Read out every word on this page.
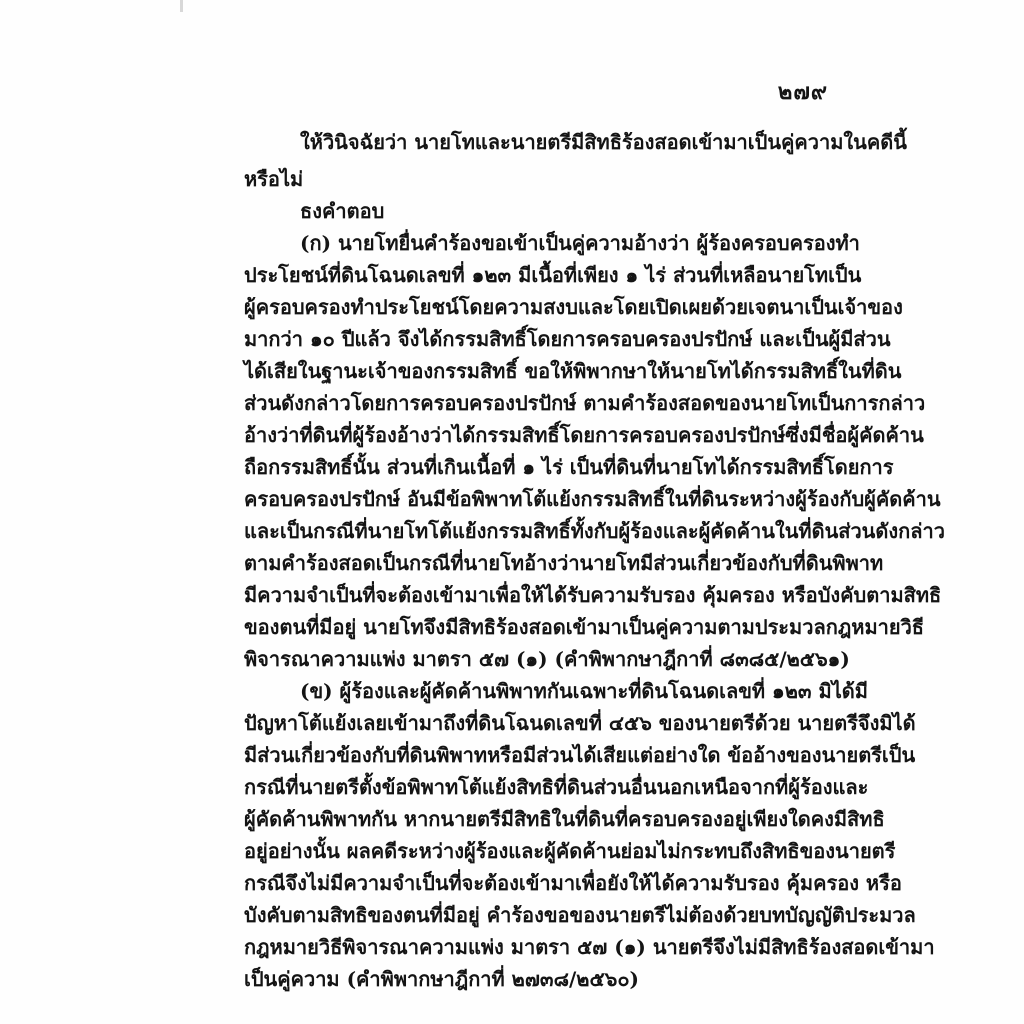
๒๗๙
ให้วินิจฉัยว่า นายโทและนายตรีมีสิทธิร้องสอดเข้ามาเป็นคู่ความในคดีนี้
หรือไม่
ธงคำตอบ
(ก) นายโทยื่นคำร้องขอเข้าเป็นคู่ความอ้างว่า ผู้ร้องครอบครองทำ
ประโยชน์ที่ดินโฉนดเลขที่ ๑๒๓ มีเนื้อที่เพียง ๑ ไร่ ส่วนที่เหลือนายโทเป็น
ผู้ครอบครองทำประโยชน์โดยความสงบและโดยเปิดเผยด้วยเจตนาเป็นเจ้าของ
มากว่า ๑๐ ปีแล้ว จึงได้กรรมสิทธิ์โดยการครอบครองปรปักษ์ และเป็นผู้มีส่วน
ได้เสียในฐานะเจ้าของกรรมสิทธิ์ ขอให้พิพากษาให้นายโทได้กรรมสิทธิ์ในที่ดิน
ส่วนดังกล่าวโดยการครอบครองปรปักษ์ ตามคำร้องสอดของนายโทเป็นการกล่าว
อ้างว่าที่ดินที่ผู้ร้องอ้างว่าได้กรรมสิทธิ์โดยการครอบครองปรปักษ์ซึ่งมีชื่อผู้คัดค้าน
ถือกรรมสิทธิ์นั้น ส่วนที่เกินเนื้อที่ ๑ ไร่ เป็นที่ดินที่นายโทได้กรรมสิทธิ์โดยการ
ครอบครองปรปักษ์ อันมีข้อพิพาทโต้แย้งกรรมสิทธิ์ในที่ดินระหว่างผู้ร้องกับผู้คัดค้าน
และเป็นกรณีที่นายโทโต้แย้งกรรมสิทธิ์ทั้งกับผู้ร้องและผู้คัดค้านในที่ดินส่วนดังกล่าว
ตามคำร้องสอดเป็นกรณีที่นายโทอ้างว่านายโทมีส่วนเกี่ยวข้องกับที่ดินพิพาท
มีความจำเป็นที่จะต้องเข้ามาเพื่อให้ได้รับความรับรอง คุ้มครอง หรือบังคับตามสิทธิ
ของตนที่มีอยู่ นายโทจึงมีสิทธิร้องสอดเข้ามาเป็นคู่ความตามประมวลกฎหมายวิธี
พิจารณาความแพ่ง มาตรา ๕๗ (๑) (คำพิพากษาฎีกาที่ ๘๓๘๕/๒๕๖๑)
(ข) ผู้ร้องและผู้คัดค้านพิพาทกันเฉพาะที่ดินโฉนดเลขที่ ๑๒๓ มิได้มี
ปัญหาโต้แย้งเลยเข้ามาถึงที่ดินโฉนดเลขที่ ๔๕๖ ของนายตรีด้วย นายตรีจึงมิได้
มีส่วนเกี่ยวข้องกับที่ดินพิพาทหรือมีส่วนได้เสียแต่อย่างใด ข้ออ้างของนายตรีเป็น
กรณีที่นายตรีตั้งข้อพิพาทโต้แย้งสิทธิที่ดินส่วนอื่นนอกเหนือจากที่ผู้ร้องและ
ผู้คัดค้านพิพาทกัน หากนายตรีมีสิทธิในที่ดินที่ครอบครองอยู่เพียงใดคงมีสิทธิ
อยู่อย่างนั้น ผลคดีระหว่างผู้ร้องและผู้คัดค้านย่อมไม่กระทบถึงสิทธิของนายตรี
กรณีจึงไม่มีความจำเป็นที่จะต้องเข้ามาเพื่อยังให้ได้ความรับรอง คุ้มครอง หรือ
บังคับตามสิทธิของตนที่มีอยู่ คำร้องขอของนายตรีไม่ต้องด้วยบทบัญญัติประมวล
กฎหมายวิธีพิจารณาความแพ่ง มาตรา ๕๗ (๑) นายตรีจึงไม่มีสิทธิร้องสอดเข้ามา
เป็นคู่ความ (คำพิพากษาฎีกาที่ ๒๗๓๘/๒๕๖๐)
